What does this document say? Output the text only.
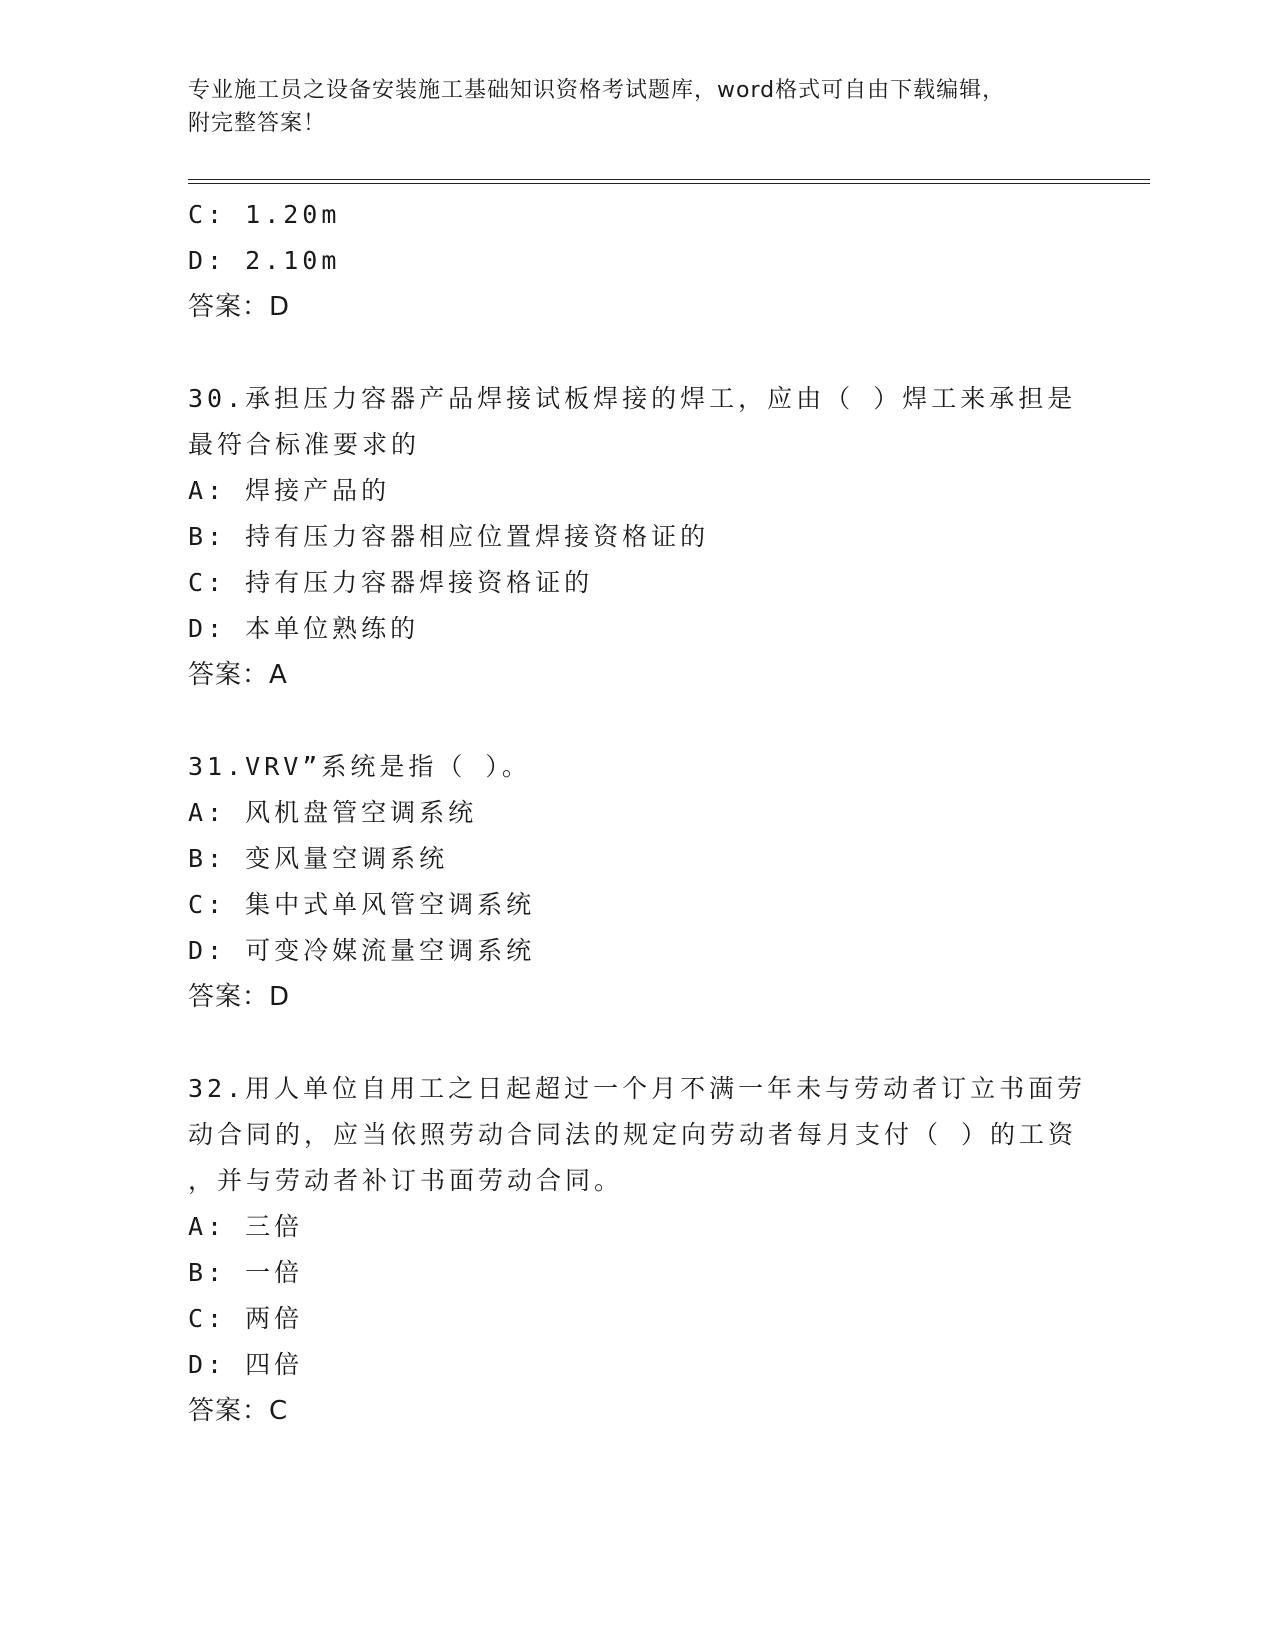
专业施工员之设备安装施工基础知识资格考试题库，word格式可自由下载编辑，
附完整答案！
C: 1.20m
D: 2.10m
答案：D
30.承担压力容器产品焊接试板焊接的焊工，应由（ ）焊工来承担是
最符合标准要求的
A: 焊接产品的
B: 持有压力容器相应位置焊接资格证的
C: 持有压力容器焊接资格证的
D: 本单位熟练的
答案：A
31.VRV”系统是指（ ）。
A: 风机盘管空调系统
B: 变风量空调系统
C: 集中式单风管空调系统
D: 可变冷媒流量空调系统
答案：D
32.用人单位自用工之日起超过一个月不满一年未与劳动者订立书面劳
动合同的，应当依照劳动合同法的规定向劳动者每月支付（ ）的工资
，并与劳动者补订书面劳动合同。
A: 三倍
B: 一倍
C: 两倍
D: 四倍
答案：C
